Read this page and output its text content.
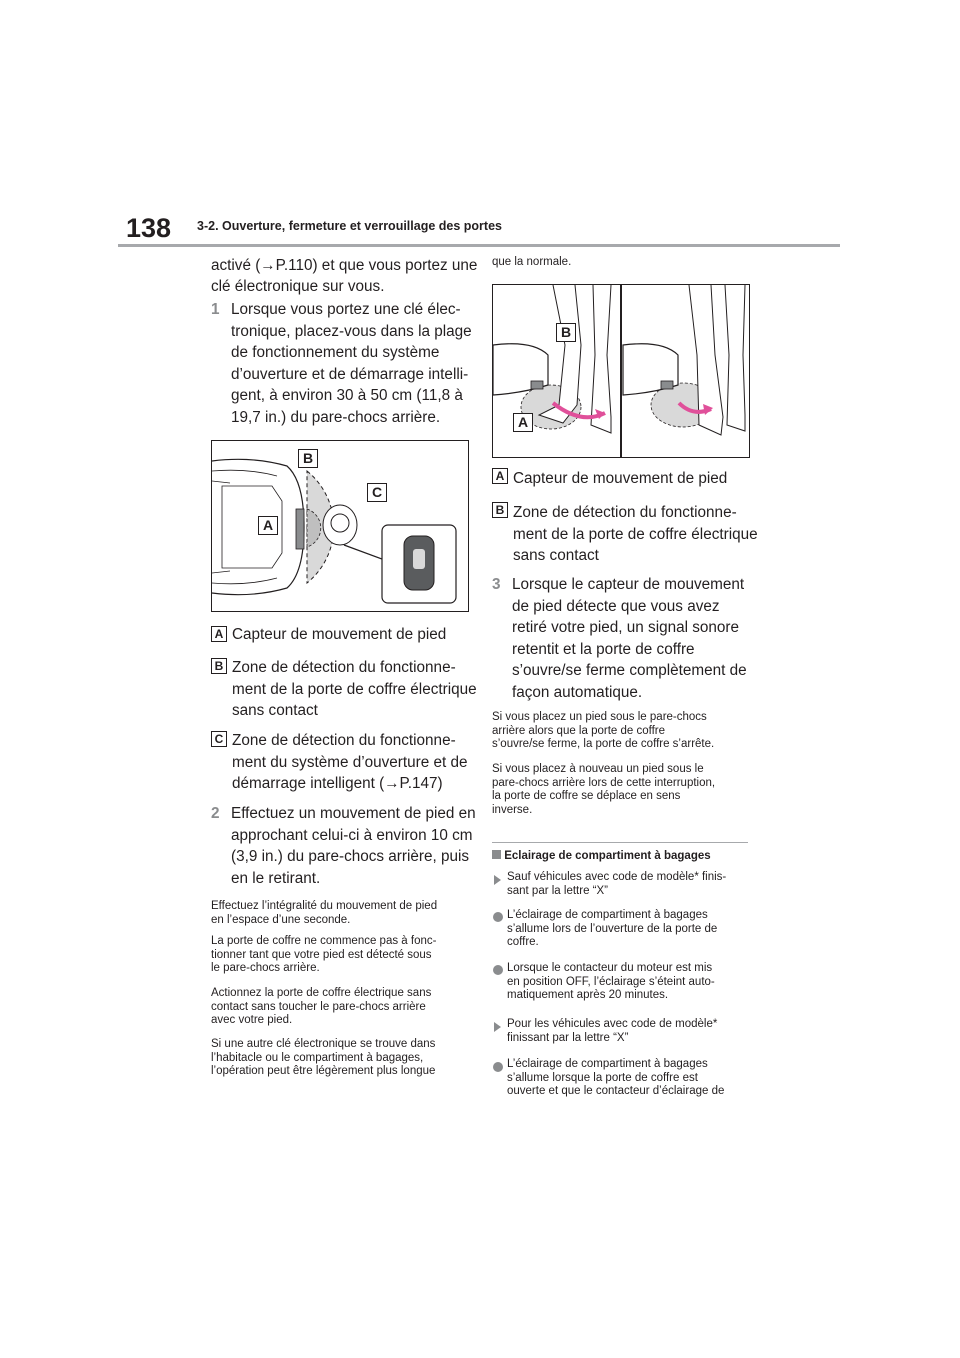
138 3-2. Ouverture, fermeture et verrouillage des portes
activé (→P.110) et que vous portez une
clé électronique sur vous.
1 Lorsque vous portez une clé élec-
tronique, placez-vous dans la plage
de fonctionnement du système
d’ouverture et de démarrage intelli-
gent, à environ 30 à 50 cm (11,8 à
19,7 in.) du pare-chocs arrière.
B
C
A
A Capteur de mouvement de pied
B Zone de détection du fonctionne-
ment de la porte de coffre électrique
sans contact
C Zone de détection du fonctionne-
ment du système d’ouverture et de
démarrage intelligent (→P.147)
2 Effectuez un mouvement de pied en
approchant celui-ci à environ 10 cm
(3,9 in.) du pare-chocs arrière, puis
en le retirant.
Effectuez l’intégralité du mouvement de pied
en l’espace d’une seconde.
La porte de coffre ne commence pas à fonc-
tionner tant que votre pied est détecté sous
le pare-chocs arrière.
Actionnez la porte de coffre électrique sans
contact sans toucher le pare-chocs arrière
avec votre pied.
Si une autre clé électronique se trouve dans
l’habitacle ou le compartiment à bagages,
l’opération peut être légèrement plus longue
que la normale.
B
A
A Capteur de mouvement de pied
B Zone de détection du fonctionne-
ment de la porte de coffre électrique
sans contact
3 Lorsque le capteur de mouvement
de pied détecte que vous avez
retiré votre pied, un signal sonore
retentit et la porte de coffre
s’ouvre/se ferme complètement de
façon automatique.
Si vous placez un pied sous le pare-chocs
arrière alors que la porte de coffre
s’ouvre/se ferme, la porte de coffre s’arrête.
Si vous placez à nouveau un pied sous le
pare-chocs arrière lors de cette interruption,
la porte de coffre se déplace en sens
inverse.
Eclairage de compartiment à bagages
Sauf véhicules avec code de modèle* finis-
sant par la lettre “X”
L’éclairage de compartiment à bagages
s’allume lors de l’ouverture de la porte de
coffre.
Lorsque le contacteur du moteur est mis
en position OFF, l’éclairage s’éteint auto-
matiquement après 20 minutes.
Pour les véhicules avec code de modèle*
finissant par la lettre “X”
L’éclairage de compartiment à bagages
s’allume lorsque la porte de coffre est
ouverte et que le contacteur d’éclairage de
